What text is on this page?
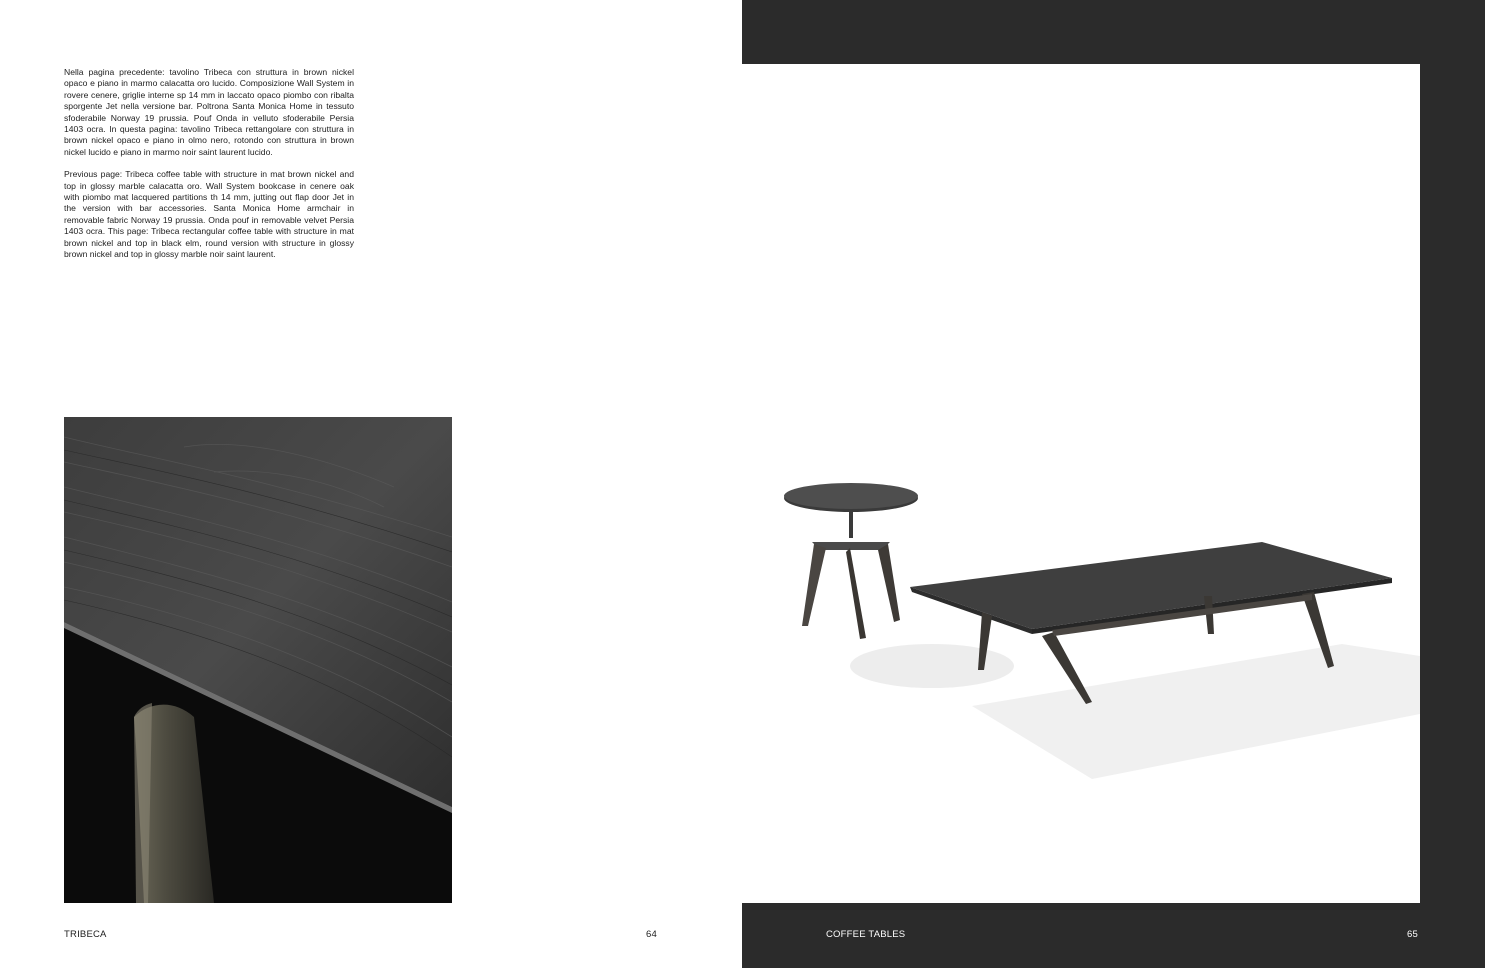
Nella pagina precedente: tavolino Tribeca con struttura in brown nickel opaco e piano in marmo calacatta oro lucido. Composizione Wall System in rovere cenere, griglie interne sp 14 mm in laccato opaco piombo con ribalta sporgente Jet nella versione bar. Poltrona Santa Monica Home in tessuto sfoderabile Norway 19 prussia. Pouf Onda in velluto sfoderabile Persia 1403 ocra. In questa pagina: tavolino Tribeca rettangolare con struttura in brown nickel opaco e piano in olmo nero, rotondo con struttura in brown nickel lucido e piano in marmo noir saint laurent lucido.

Previous page: Tribeca coffee table with structure in mat brown nickel and top in glossy marble calacatta oro. Wall System bookcase in cenere oak with piombo mat lacquered partitions th 14 mm, jutting out flap door Jet in the version with bar accessories. Santa Monica Home armchair in removable fabric Norway 19 prussia. Onda pouf in removable velvet Persia 1403 ocra. This page: Tribeca rectangular coffee table with structure in mat brown nickel and top in black elm, round version with structure in glossy brown nickel and top in glossy marble noir saint laurent.

TRIBECA	64	COFFEE TABLES	65
